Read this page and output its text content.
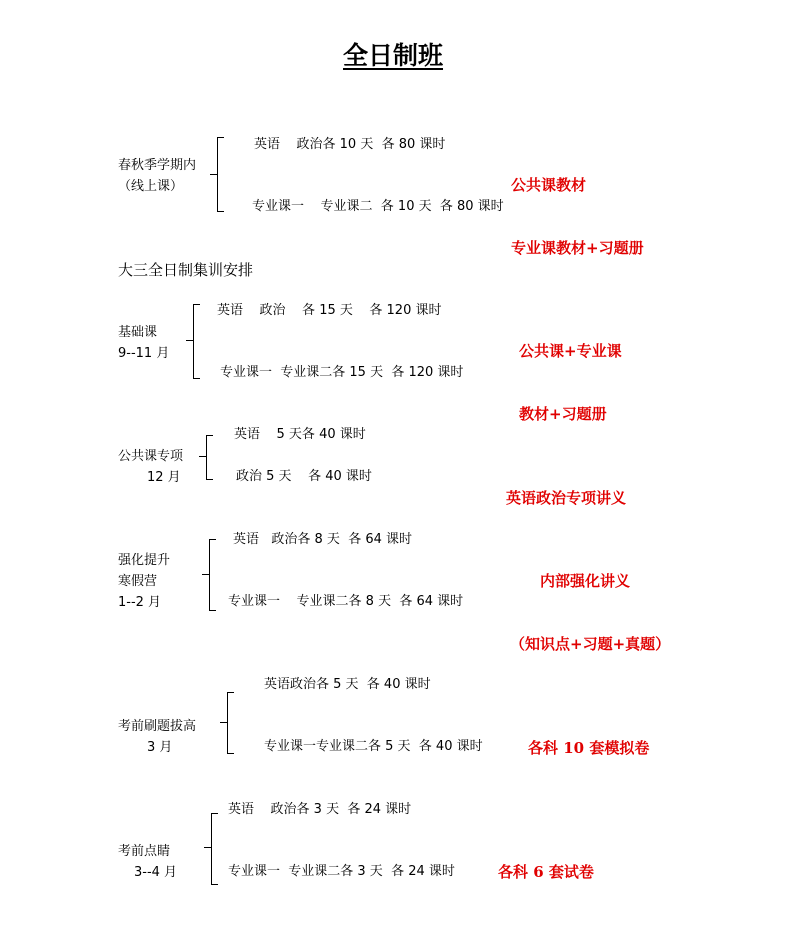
全日制班
大三全日制集训安排
春秋季学期内
（线上课）
英语    政治各 10 天  各 80 课时
专业课一    专业课二  各 10 天  各 80 课时

公共课教材

专业课教材+习题册

基础课
9--11 月
英语    政治    各 15 天    各 120 课时
专业课一  专业课二各 15 天  各 120 课时

公共课+专业课

教材+习题册

公共课专项
12 月
英语    5 天各 40 课时
政治 5 天    各 40 课时

英语政治专项讲义

强化提升
寒假营
1--2 月
英语   政治各 8 天  各 64 课时
专业课一    专业课二各 8 天  各 64 课时

内部强化讲义

（知识点+习题+真题）

考前刷题拔高
3 月
英语政治各 5 天  各 40 课时
专业课一专业课二各 5 天  各 40 课时

	各科 10 套模拟卷

考前点睛
3--4 月
英语    政治各 3 天  各 24 课时
专业课一  专业课二各 3 天  各 24 课时

	各科 6 套试卷
